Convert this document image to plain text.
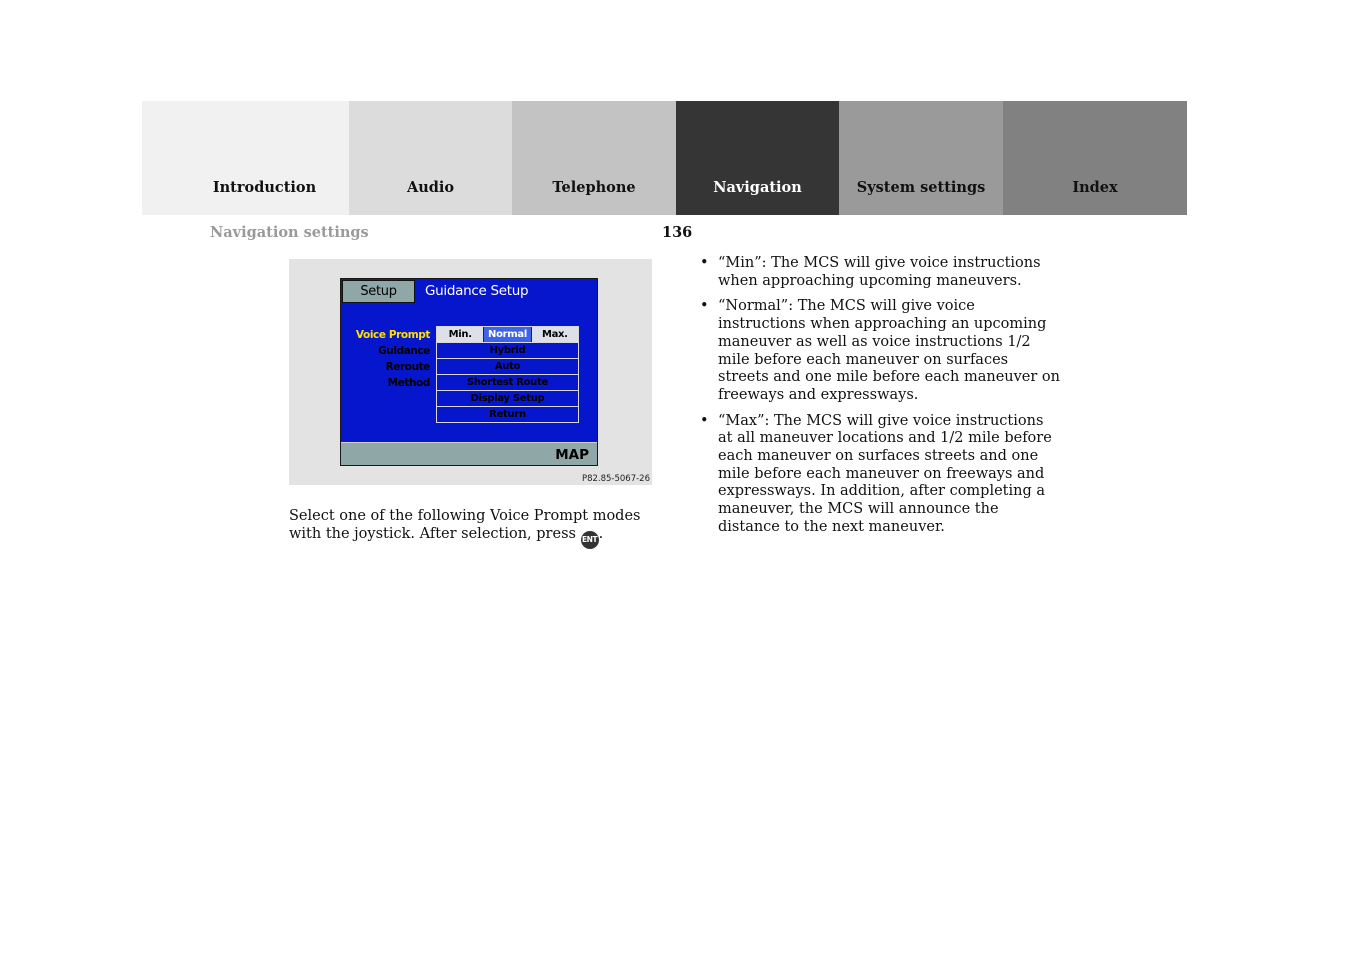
Introduction	Audio	Telephone	Navigation	System settings	Index
Navigation settings	136
Setup	Guidance Setup
Voice Prompt
Guidance
Reroute
Method
Min.	Normal	Max.
Hybrid
Auto
Shortest Route
Display Setup
Return
MAP
P82.85-5067-26
Select one of the following Voice Prompt modes with the joystick. After selection, press ENT.
• “Min”: The MCS will give voice instructions when approaching upcoming maneuvers.
• “Normal”: The MCS will give voice instructions when approaching an upcoming maneuver as well as voice instructions 1/2 mile before each maneuver on surfaces streets and one mile before each maneuver on freeways and expressways.
• “Max”: The MCS will give voice instructions at all maneuver locations and 1/2 mile before each maneuver on surfaces streets and one mile before each maneuver on freeways and expressways. In addition, after completing a maneuver, the MCS will announce the distance to the next maneuver.
